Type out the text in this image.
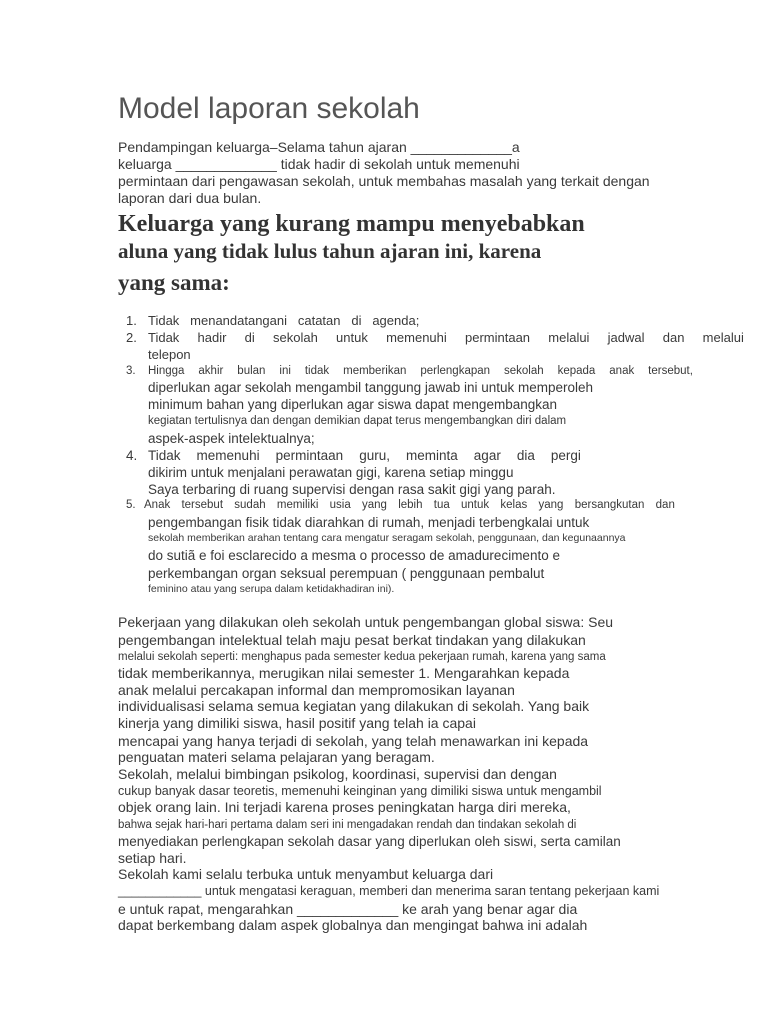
Model laporan sekolah
Pendampingan keluarga–Selama tahun ajaran _____________a
keluarga _____________ tidak hadir di sekolah untuk memenuhi
permintaan dari pengawasan sekolah, untuk membahas masalah yang terkait dengan
laporan dari dua bulan.
Keluarga yang kurang mampu menyebabkan
aluna yang tidak lulus tahun ajaran ini, karena
yang sama:
1. Tidak menandatangani catatan di agenda;
2. Tidak hadir di sekolah untuk memenuhi permintaan melalui jadwal dan melalui
telepon
3.	Hingga akhir bulan ini tidak memberikan perlengkapan sekolah kepada anak tersebut,
diperlukan agar sekolah mengambil tanggung jawab ini untuk memperoleh
minimum bahan yang diperlukan agar siswa dapat mengembangkan
kegiatan tertulisnya dan dengan demikian dapat terus mengembangkan diri dalam
aspek-aspek intelektualnya;
4. Tidak memenuhi permintaan guru, meminta agar dia pergi
dikirim untuk menjalani perawatan gigi, karena setiap minggu
Saya terbaring di ruang supervisi dengan rasa sakit gigi yang parah.
5. Anak tersebut sudah memiliki usia yang lebih tua untuk kelas yang bersangkutan dan
pengembangan fisik tidak diarahkan di rumah, menjadi terbengkalai untuk
sekolah memberikan arahan tentang cara mengatur seragam sekolah, penggunaan, dan kegunaannya
do sutiã e foi esclarecido a mesma o processo de amadurecimento e
perkembangan organ seksual perempuan ( penggunaan pembalut
feminino atau yang serupa dalam ketidakhadiran ini).
Pekerjaan yang dilakukan oleh sekolah untuk pengembangan global siswa: Seu
pengembangan intelektual telah maju pesat berkat tindakan yang dilakukan
melalui sekolah seperti: menghapus pada semester kedua pekerjaan rumah, karena yang sama
tidak memberikannya, merugikan nilai semester 1. Mengarahkan kepada
anak melalui percakapan informal dan mempromosikan layanan
individualisasi selama semua kegiatan yang dilakukan di sekolah. Yang baik
kinerja yang dimiliki siswa, hasil positif yang telah ia capai
mencapai yang hanya terjadi di sekolah, yang telah menawarkan ini kepada
penguatan materi selama pelajaran yang beragam.
Sekolah, melalui bimbingan psikolog, koordinasi, supervisi dan dengan
cukup banyak dasar teoretis, memenuhi keinginan yang dimiliki siswa untuk mengambil
objek orang lain. Ini terjadi karena proses peningkatan harga diri mereka,
bahwa sejak hari-hari pertama dalam seri ini mengadakan rendah dan tindakan sekolah di
menyediakan perlengkapan sekolah dasar yang diperlukan oleh siswi, serta camilan
setiap hari.
Sekolah kami selalu terbuka untuk menyambut keluarga dari
____________ untuk mengatasi keraguan, memberi dan menerima saran tentang pekerjaan kami
e untuk rapat, mengarahkan _____________ ke arah yang benar agar dia
dapat berkembang dalam aspek globalnya dan mengingat bahwa ini adalah
